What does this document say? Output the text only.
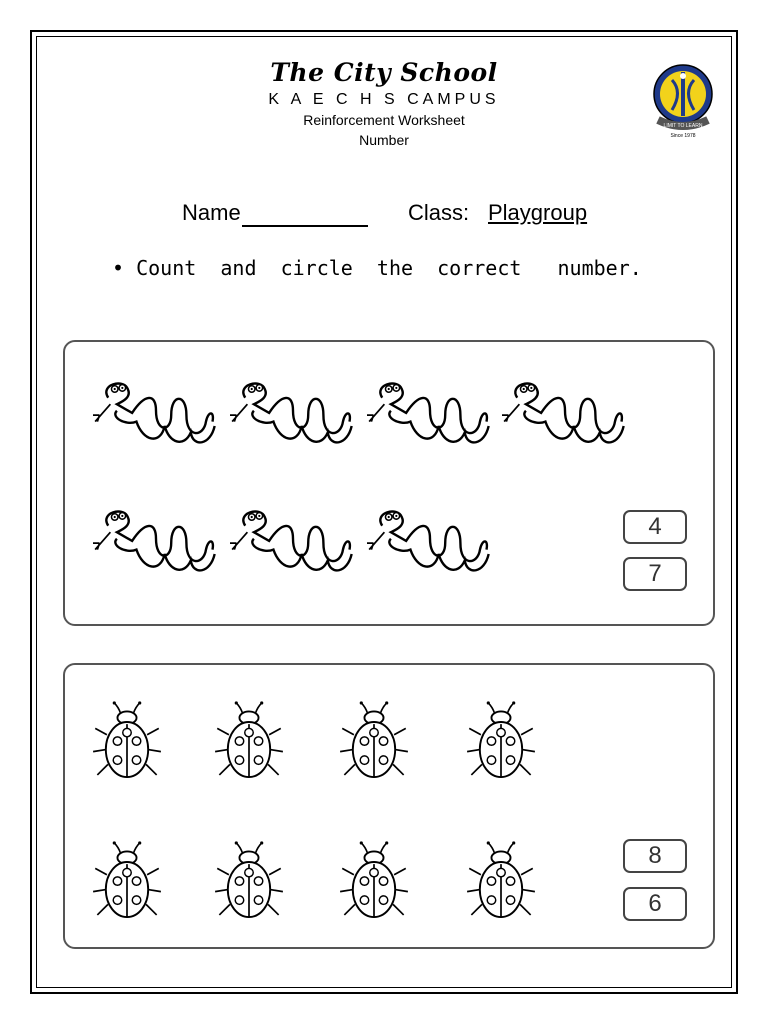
The City School
K A E C H S CAMPUS
Reinforcement Worksheet
Number
LIMIT TO LEARN
Since 1978
Name	Class: Playgroup
• Count  and  circle  the  correct   number.
4
7
8
6
